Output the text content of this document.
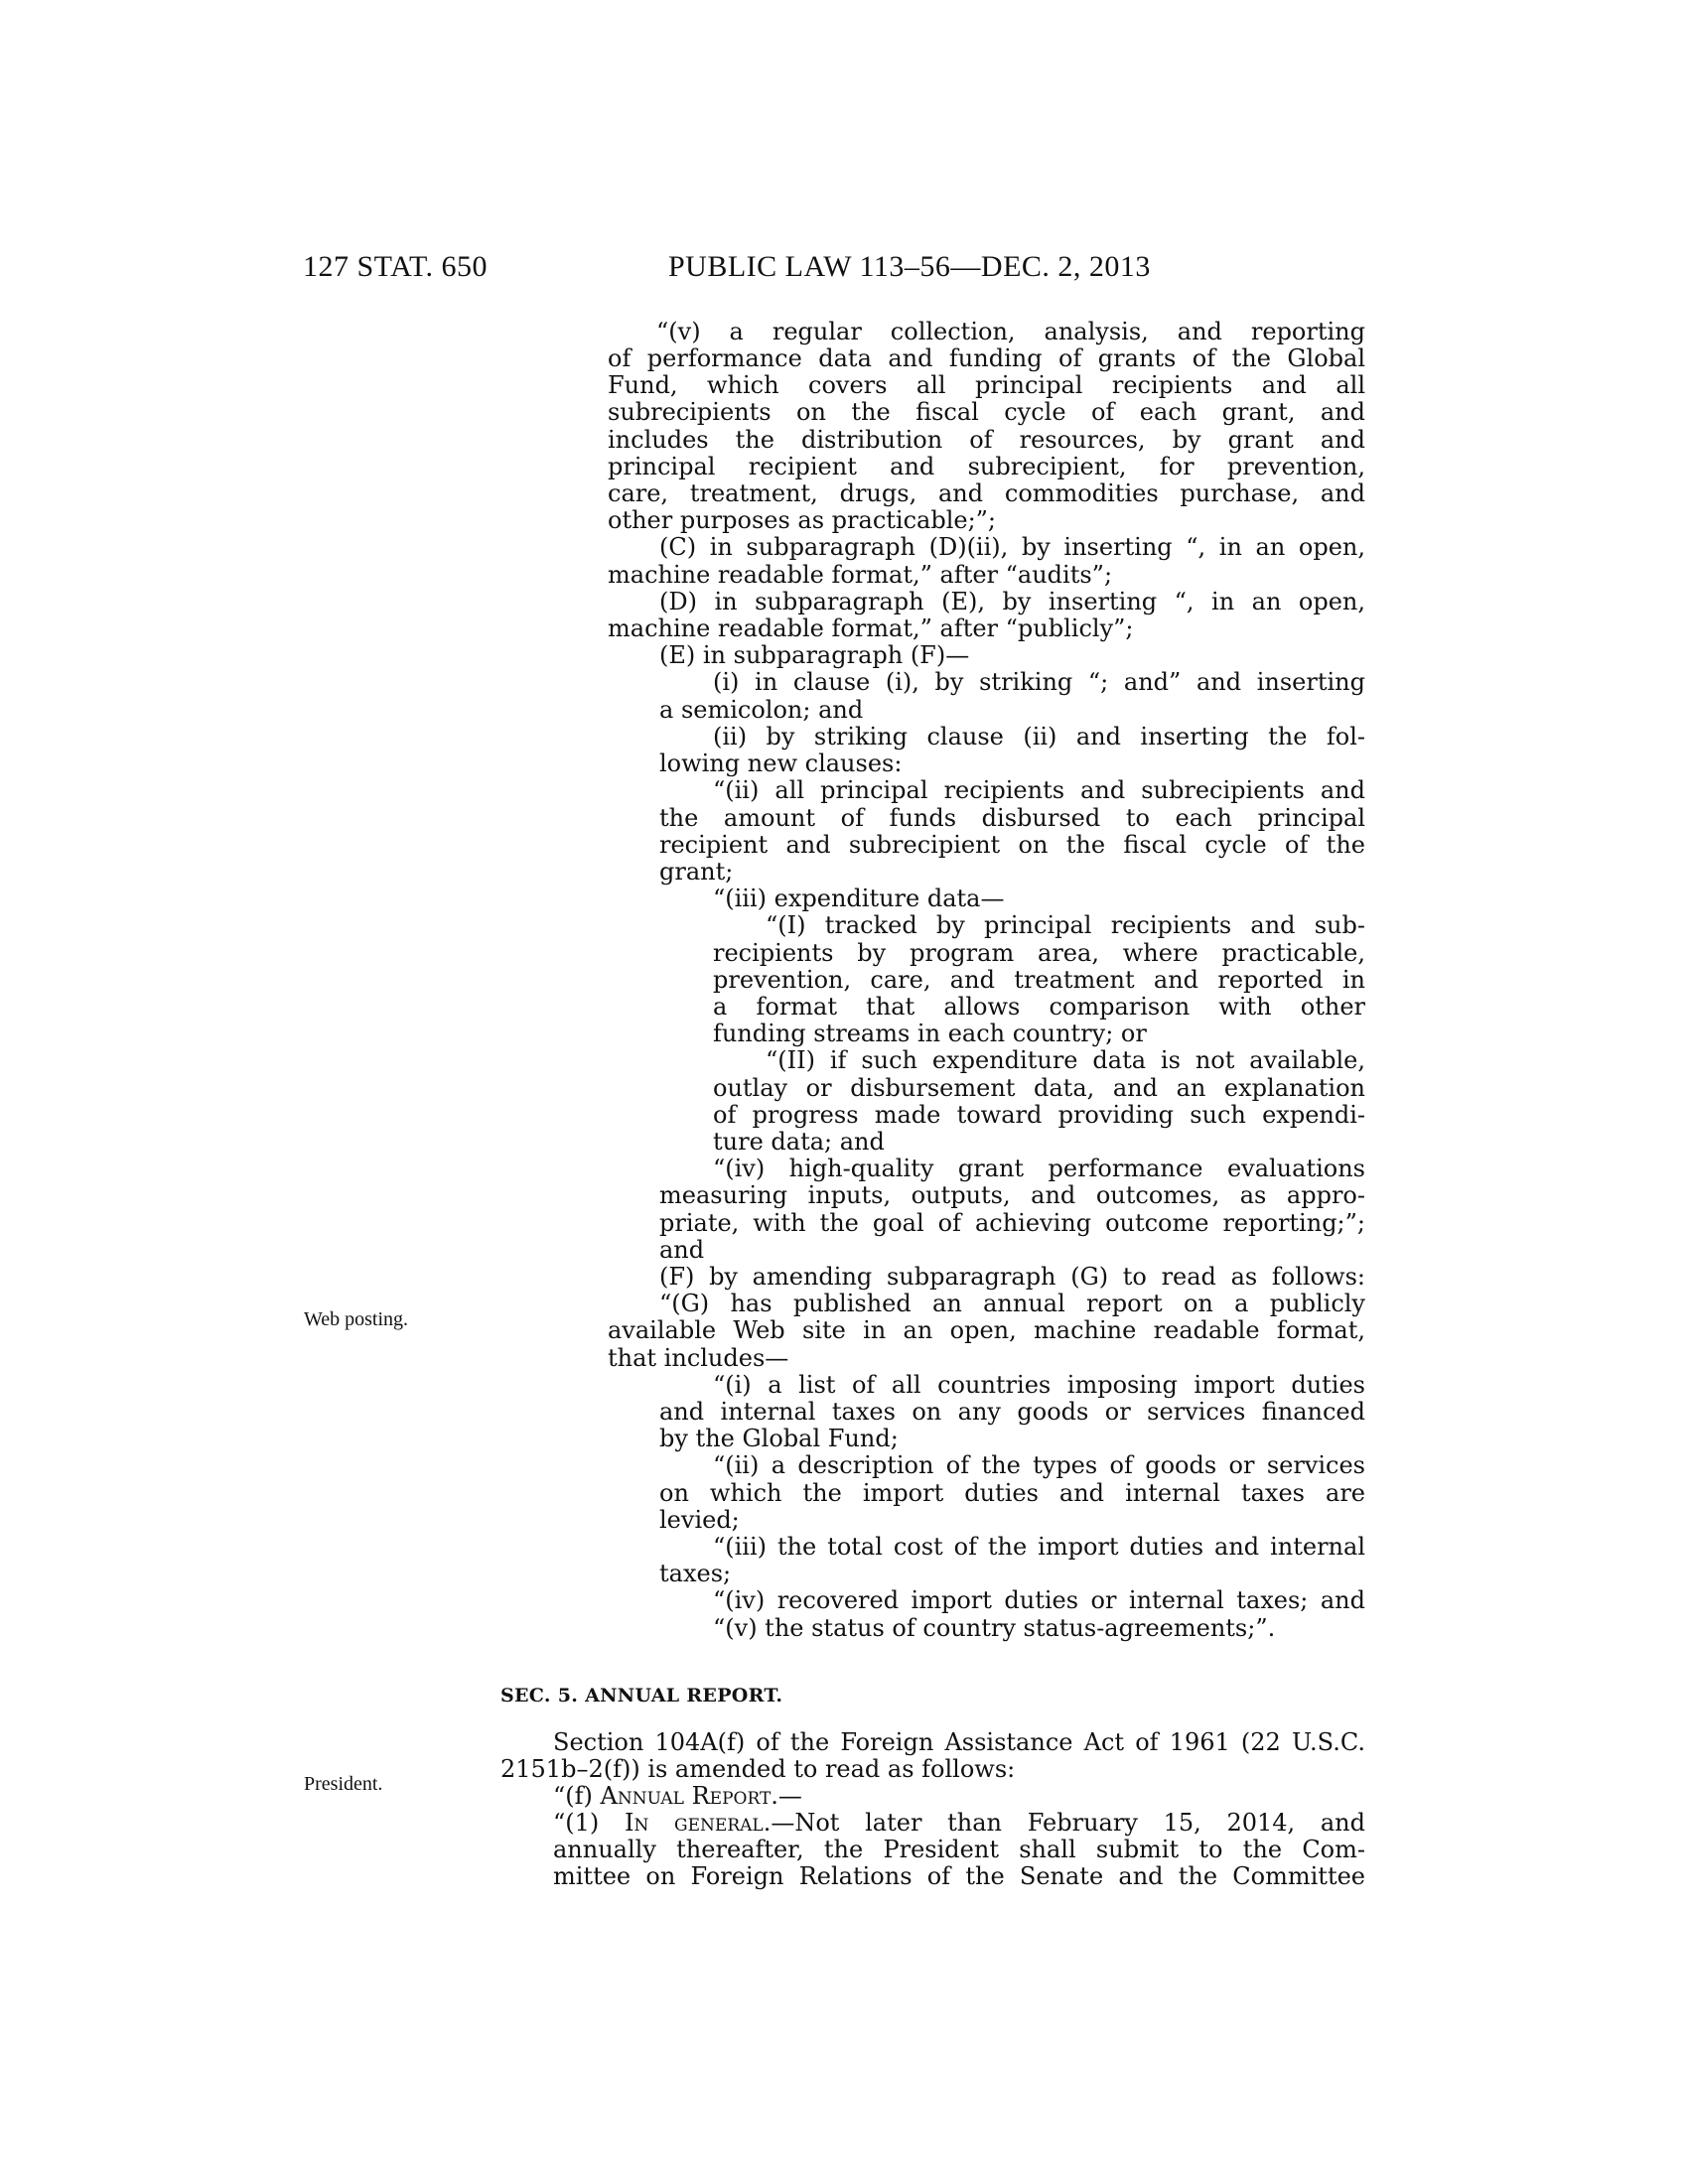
127 STAT. 650	PUBLIC LAW 113–56—DEC. 2, 2013
Web posting.
President.
“(v) a regular collection, analysis, and reporting
of performance data and funding of grants of the Global
Fund, which covers all principal recipients and all
subrecipients on the fiscal cycle of each grant, and
includes the distribution of resources, by grant and
principal recipient and subrecipient, for prevention,
care, treatment, drugs, and commodities purchase, and
other purposes as practicable;”;
(C) in subparagraph (D)(ii), by inserting “, in an open,
machine readable format,” after “audits”;
(D) in subparagraph (E), by inserting “, in an open,
machine readable format,” after “publicly”;
(E) in subparagraph (F)—
(i) in clause (i), by striking “; and” and inserting
a semicolon; and
(ii) by striking clause (ii) and inserting the fol-
lowing new clauses:
“(ii) all principal recipients and subrecipients and
the amount of funds disbursed to each principal
recipient and subrecipient on the fiscal cycle of the
grant;
“(iii) expenditure data—
“(I) tracked by principal recipients and sub-
recipients by program area, where practicable,
prevention, care, and treatment and reported in
a format that allows comparison with other
funding streams in each country; or
“(II) if such expenditure data is not available,
outlay or disbursement data, and an explanation
of progress made toward providing such expendi-
ture data; and
“(iv) high-quality grant performance evaluations
measuring inputs, outputs, and outcomes, as appro-
priate, with the goal of achieving outcome reporting;”;
and
(F) by amending subparagraph (G) to read as follows:
“(G) has published an annual report on a publicly
available Web site in an open, machine readable format,
that includes—
“(i) a list of all countries imposing import duties
and internal taxes on any goods or services financed
by the Global Fund;
“(ii) a description of the types of goods or services
on which the import duties and internal taxes are
levied;
“(iii) the total cost of the import duties and internal
taxes;
“(iv) recovered import duties or internal taxes; and
“(v) the status of country status-agreements;”.
SEC. 5. ANNUAL REPORT.
Section 104A(f) of the Foreign Assistance Act of 1961 (22 U.S.C.
2151b–2(f)) is amended to read as follows:
“(f) Annual Report.—
“(1) In general.—Not later than February 15, 2014, and
annually thereafter, the President shall submit to the Com-
mittee on Foreign Relations of the Senate and the Committee
